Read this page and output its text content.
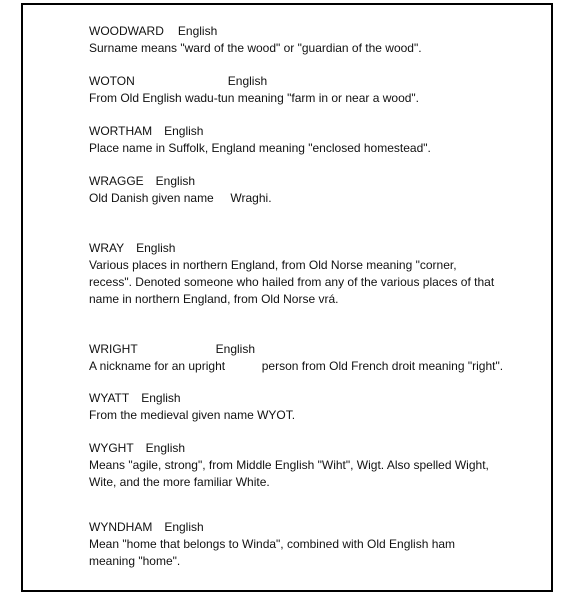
WOODWARD English
Surname means "ward of the wood" or "guardian of the wood".
WOTON	English
From Old English wadu-tun meaning "farm in or near a wood".
WORTHAM English
Place name in Suffolk, England meaning "enclosed homestead".
WRAGGE English
Old Danish given name     Wraghi.
WRAY English
Various places in northern England, from Old Norse meaning "corner,
recess". Denoted someone who hailed from any of the various places of that
name in northern England, from Old Norse vrá.
WRIGHT	English
A nickname for an upright           person from Old French droit meaning "right".
WYATT English
From the medieval given name WYOT.
WYGHT English
Means "agile, strong", from Middle English "Wiht", Wigt. Also spelled Wight,
Wite, and the more familiar White.
WYNDHAM English
Mean "home that belongs to Winda", combined with Old English ham
meaning "home".
